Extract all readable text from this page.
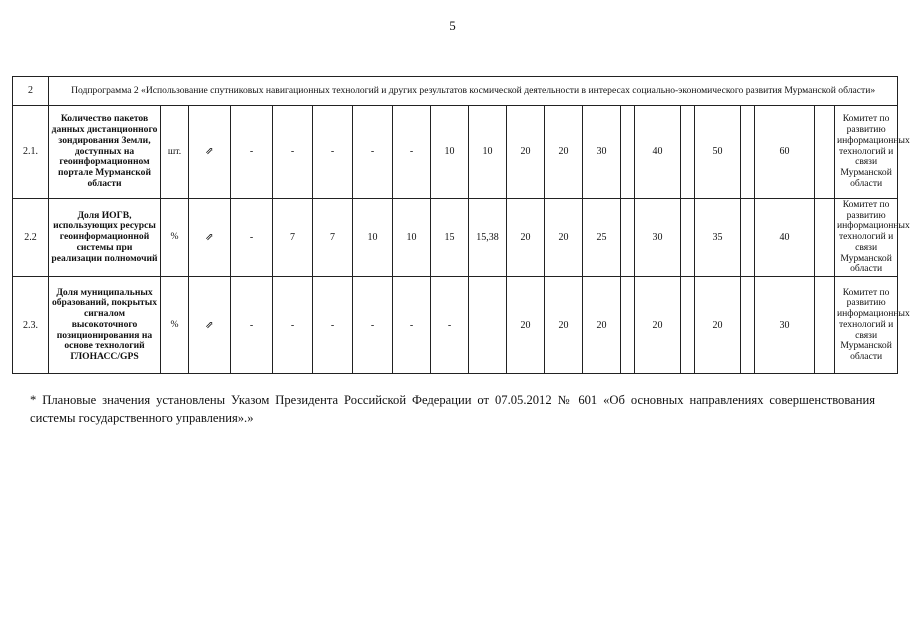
5
2	Подпрограмма 2 «Использование спутниковых навигационных технологий и других результатов космической деятельности в интересах социально-экономического развития Мурманской области»																				
2.1.	Количество пакетов данных дистанционного зондирования Земли, доступных на геоинформационном портале Мурманской области	шт.	⇗	-	-	-	-	-	10	10	20	20	30		40		50		60		Комитет по развитию информационных технологий и связи Мурманской области
2.2	Доля ИОГВ, использующих ресурсы геоинформационной системы при реализации полномочий	%	⇗	-	7	7	10	10	15	15,38	20	20	25		30		35		40		Комитет по развитию информационных технологий и связи Мурманской области
2.3.	Доля муниципальных образований, покрытых сигналом высокоточного позиционирования на основе технологий ГЛОНАСС/GPS	%	⇗	-	-	-	-	-	-		20	20	20		20		20		30		Комитет по развитию информационных технологий и связи Мурманской области
* Плановые значения установлены Указом Президента Российской Федерации от 07.05.2012 № 601 «Об основных направлениях совершенствования системы государственного управления».»
